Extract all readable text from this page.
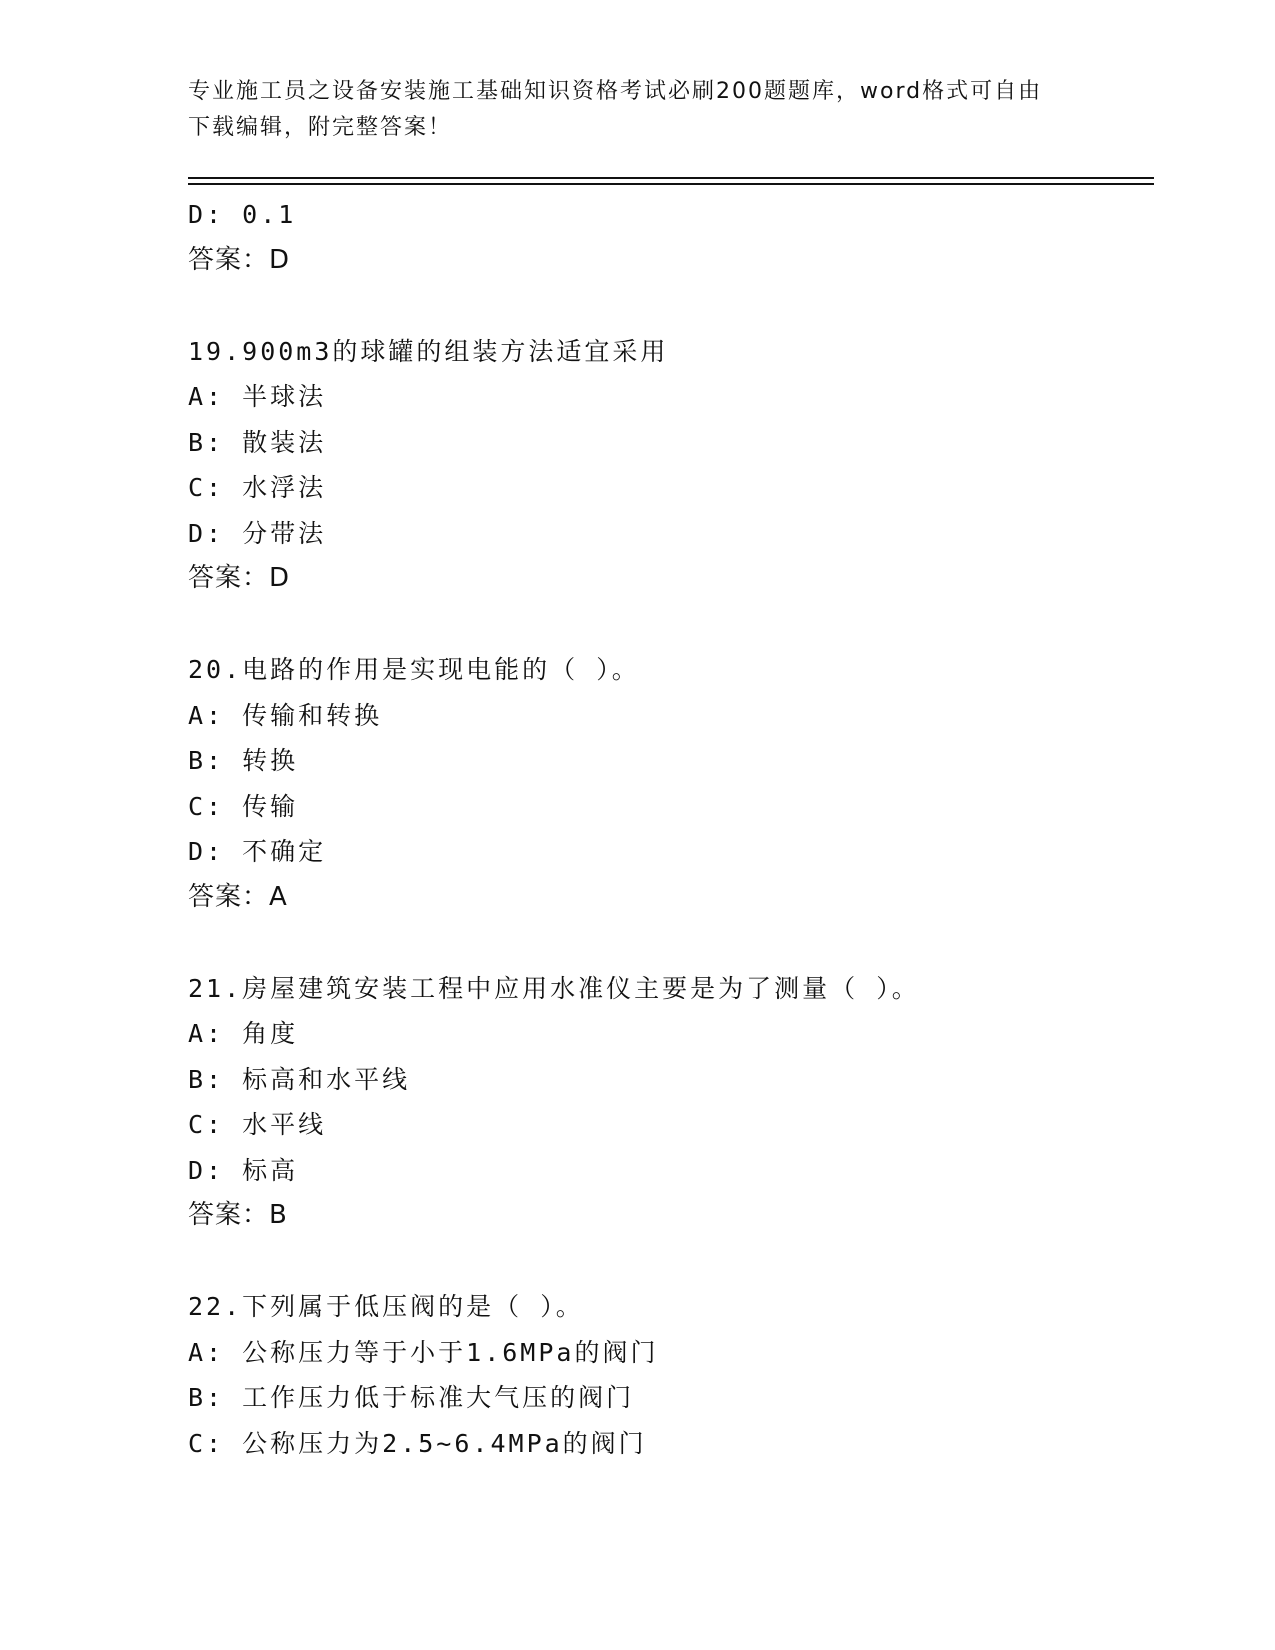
专业施工员之设备安装施工基础知识资格考试必刷200题题库，word格式可自由
下载编辑，附完整答案！
D: 0.1
答案：D
19.900m3的球罐的组装方法适宜采用
A: 半球法
B: 散装法
C: 水浮法
D: 分带法
答案：D
20.电路的作用是实现电能的（ ）。
A: 传输和转换
B: 转换
C: 传输
D: 不确定
答案：A
21.房屋建筑安装工程中应用水准仪主要是为了测量（ ）。
A: 角度
B: 标高和水平线
C: 水平线
D: 标高
答案：B
22.下列属于低压阀的是（ ）。
A: 公称压力等于小于1.6MPa的阀门
B: 工作压力低于标准大气压的阀门
C: 公称压力为2.5~6.4MPa的阀门
